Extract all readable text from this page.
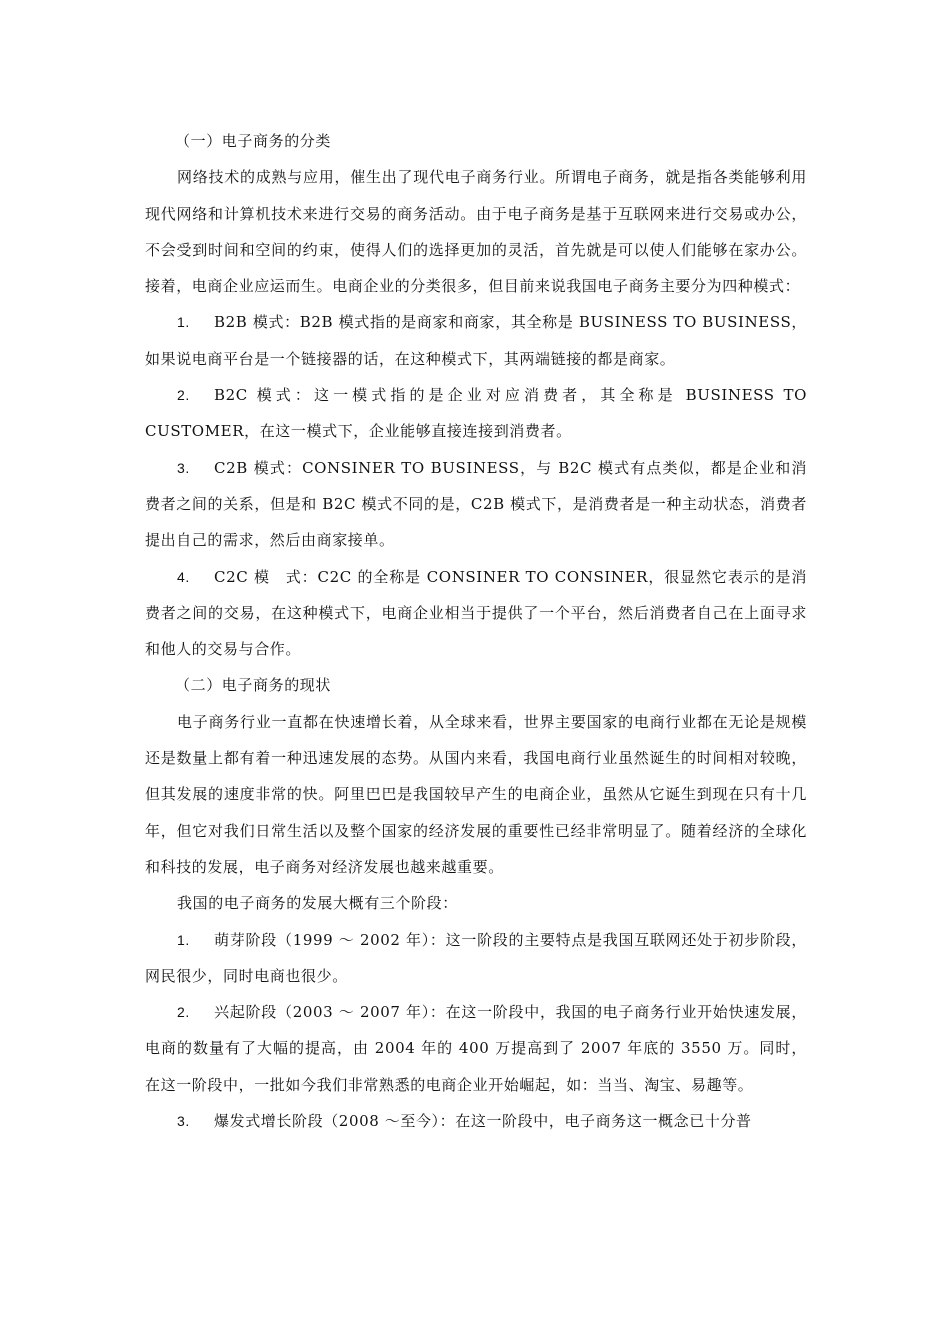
（一）电子商务的分类

网络技术的成熟与应用，催生出了现代电子商务行业。所谓电子商务，就是指各类能够利用现代网络和计算机技术来进行交易的商务活动。由于电子商务是基于互联网来进行交易或办公，不会受到时间和空间的约束，使得人们的选择更加的灵活，首先就是可以使人们能够在家办公。接着，电商企业应运而生。电商企业的分类很多，但目前来说我国电子商务主要分为四种模式：

1. B2B 模式：B2B 模式指的是商家和商家，其全称是 BUSINESS TO BUSINESS，如果说电商平台是一个链接器的话，在这种模式下，其两端链接的都是商家。

2. B2C 模式：这一模式指的是企业对应消费者，其全称是 BUSINESS TO CUSTOMER，在这一模式下，企业能够直接连接到消费者。

3. C2B 模式：CONSINER TO BUSINESS，与 B2C 模式有点类似，都是企业和消费者之间的关系，但是和 B2C 模式不同的是，C2B 模式下，是消费者是一种主动状态，消费者提出自己的需求，然后由商家接单。

4. C2C 模　式：C2C 的全称是 CONSINER TO CONSINER，很显然它表示的是消费者之间的交易，在这种模式下，电商企业相当于提供了一个平台，然后消费者自己在上面寻求和他人的交易与合作。

（二）电子商务的现状

电子商务行业一直都在快速增长着，从全球来看，世界主要国家的电商行业都在无论是规模还是数量上都有着一种迅速发展的态势。从国内来看，我国电商行业虽然诞生的时间相对较晚，但其发展的速度非常的快。阿里巴巴是我国较早产生的电商企业，虽然从它诞生到现在只有十几年，但它对我们日常生活以及整个国家的经济发展的重要性已经非常明显了。随着经济的全球化和科技的发展，电子商务对经济发展也越来越重要。

我国的电子商务的发展大概有三个阶段：

1. 萌芽阶段（1999 ～ 2002 年）：这一阶段的主要特点是我国互联网还处于初步阶段，网民很少，同时电商也很少。

2. 兴起阶段（2003 ～ 2007 年）：在这一阶段中，我国的电子商务行业开始快速发展，电商的数量有了大幅的提高，由 2004 年的 400 万提高到了 2007 年底的 3550 万。同时，在这一阶段中，一批如今我们非常熟悉的电商企业开始崛起，如：当当、淘宝、易趣等。

3. 爆发式增长阶段（2008 ～至今）：在这一阶段中，电子商务这一概念已十分普
